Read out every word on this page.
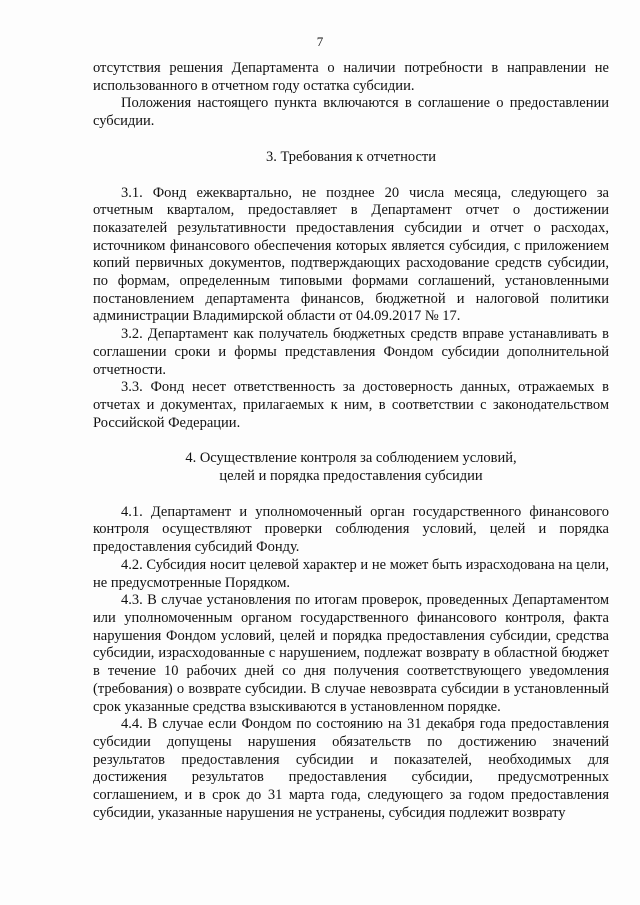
7

отсутствия решения Департамента о наличии потребности в направлении не использованного в отчетном году остатка субсидии.

Положения настоящего пункта включаются в соглашение о предоставлении субсидии.

3. Требования к отчетности

3.1. Фонд ежеквартально, не позднее 20 числа месяца, следующего за отчетным кварталом, предоставляет в Департамент отчет о достижении показателей результативности предоставления субсидии и отчет о расходах, источником финансового обеспечения которых является субсидия, с приложением копий первичных документов, подтверждающих расходование средств субсидии, по формам, определенным типовыми формами соглашений, установленными постановлением департамента финансов, бюджетной и налоговой политики администрации Владимирской области от 04.09.2017 № 17.

3.2. Департамент как получатель бюджетных средств вправе устанавливать в соглашении сроки и формы представления Фондом субсидии дополнительной отчетности.

3.3. Фонд несет ответственность за достоверность данных, отражаемых в отчетах и документах, прилагаемых к ним, в соответствии с законодательством Российской Федерации.

4. Осуществление контроля за соблюдением условий,

целей и порядка предоставления субсидии

4.1. Департамент и уполномоченный орган государственного финансового контроля осуществляют проверки соблюдения условий, целей и порядка предоставления субсидий Фонду.

4.2. Субсидия носит целевой характер и не может быть израсходована на цели, не предусмотренные Порядком.

4.3. В случае установления по итогам проверок, проведенных Департаментом или уполномоченным органом государственного финансового контроля, факта нарушения Фондом условий, целей и порядка предоставления субсидии, средства субсидии, израсходованные с нарушением, подлежат возврату в областной бюджет в течение 10 рабочих дней со дня получения соответствующего уведомления (требования) о возврате субсидии. В случае невозврата субсидии в установленный срок указанные средства взыскиваются в установленном порядке.

4.4. В случае если Фондом по состоянию на 31 декабря года предоставления субсидии допущены нарушения обязательств по достижению значений результатов предоставления субсидии и показателей, необходимых для достижения результатов предоставления субсидии, предусмотренных соглашением, и в срок до 31 марта года, следующего за годом предоставления субсидии, указанные нарушения не устранены, субсидия подлежит возврату
